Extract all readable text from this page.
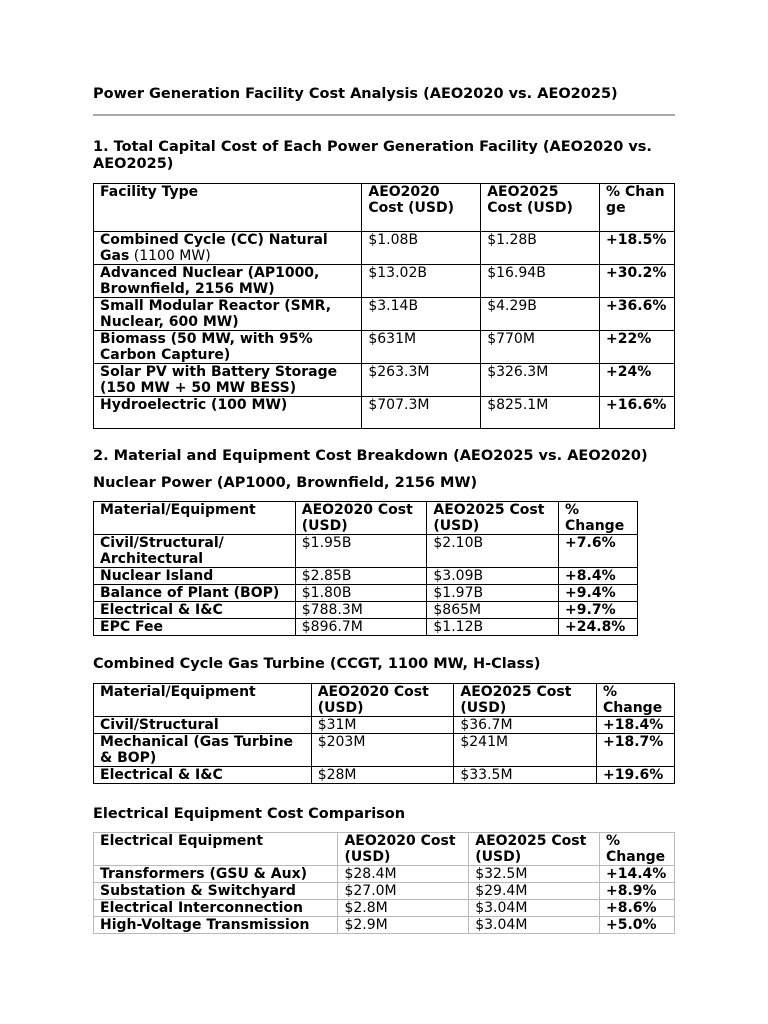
Power Generation Facility Cost Analysis (AEO2020 vs. AEO2025)
1. Total Capital Cost of Each Power Generation Facility (AEO2020 vs. AEO2025)
Facility Type	AEO2020 Cost (USD)	AEO2025 Cost (USD)	% Change
Combined Cycle (CC) Natural Gas (1100 MW)	$1.08B	$1.28B	+18.5%
Advanced Nuclear (AP1000, Brownfield, 2156 MW)	$13.02B	$16.94B	+30.2%
Small Modular Reactor (SMR, Nuclear, 600 MW)	$3.14B	$4.29B	+36.6%
Biomass (50 MW, with 95% Carbon Capture)	$631M	$770M	+22%
Solar PV with Battery Storage (150 MW + 50 MW BESS)	$263.3M	$326.3M	+24%
Hydroelectric (100 MW)	$707.3M	$825.1M	+16.6%
2. Material and Equipment Cost Breakdown (AEO2025 vs. AEO2020)
Nuclear Power (AP1000, Brownfield, 2156 MW)
Material/Equipment	AEO2020 Cost (USD)	AEO2025 Cost (USD)	% Change
Civil/Structural/ Architectural	$1.95B	$2.10B	+7.6%
Nuclear Island	$2.85B	$3.09B	+8.4%
Balance of Plant (BOP)	$1.80B	$1.97B	+9.4%
Electrical & I&C	$788.3M	$865M	+9.7%
EPC Fee	$896.7M	$1.12B	+24.8%
Combined Cycle Gas Turbine (CCGT, 1100 MW, H-Class)
Material/Equipment	AEO2020 Cost (USD)	AEO2025 Cost (USD)	% Change
Civil/Structural	$31M	$36.7M	+18.4%
Mechanical (Gas Turbine & BOP)	$203M	$241M	+18.7%
Electrical & I&C	$28M	$33.5M	+19.6%
Electrical Equipment Cost Comparison
Electrical Equipment	AEO2020 Cost (USD)	AEO2025 Cost (USD)	% Change
Transformers (GSU & Aux)	$28.4M	$32.5M	+14.4%
Substation & Switchyard	$27.0M	$29.4M	+8.9%
Electrical Interconnection	$2.8M	$3.04M	+8.6%
High-Voltage Transmission	$2.9M	$3.04M	+5.0%
